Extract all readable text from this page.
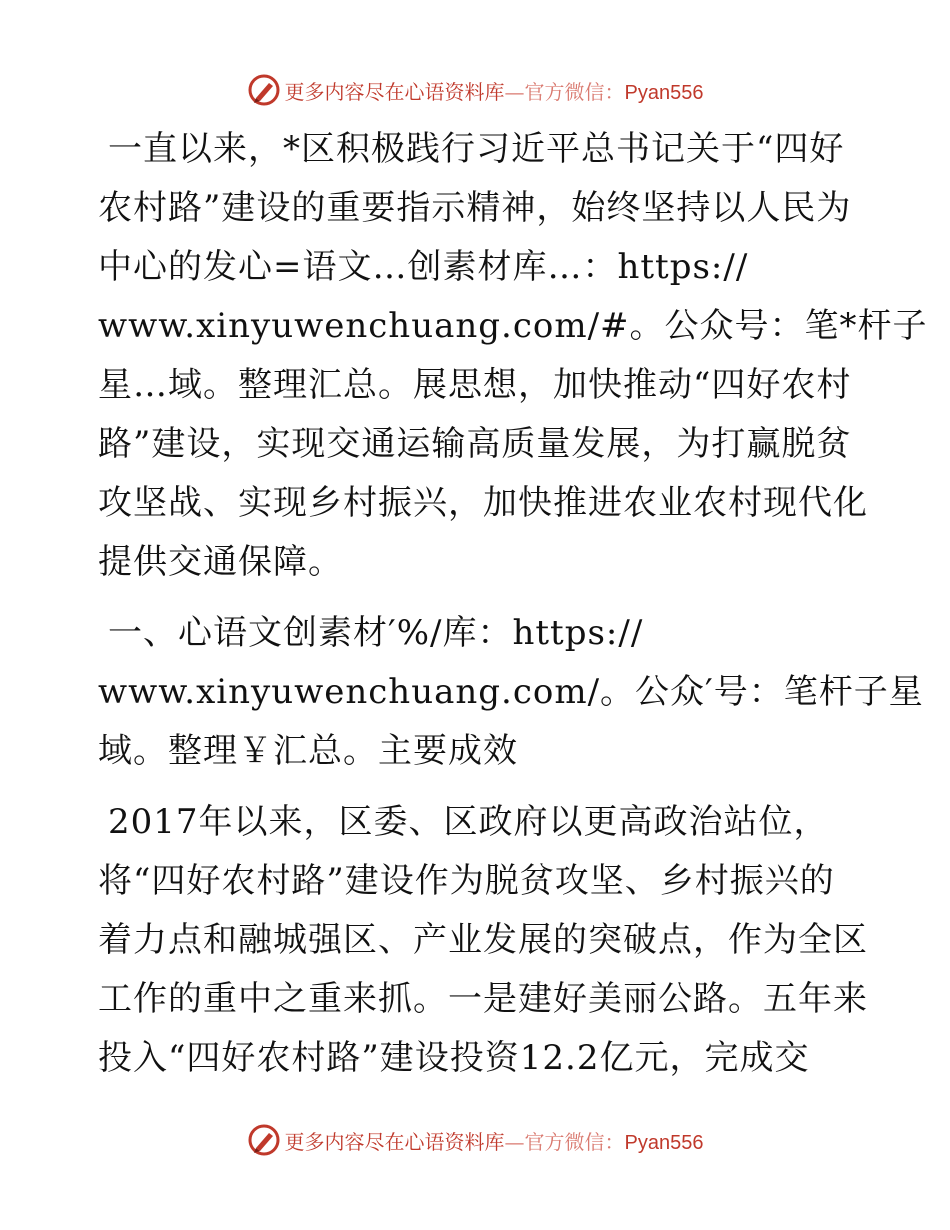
更多内容尽在心语资料库—官方微信：Pyan556
一直以来，*区积极践行习近平总书记关于“四好
农村路”建设的重要指示精神，始终坚持以人民为
中心的发心=语文…创素材库…：https://
www.xinyuwenchuang.com/#。公众号：笔*杆子
星…域。整理汇总。展思想，加快推动“四好农村
路”建设，实现交通运输高质量发展，为打赢脱贫
攻坚战、实现乡村振兴，加快推进农业农村现代化
提供交通保障。
一、心语文创素材′%/库：https://
www.xinyuwenchuang.com/。公众′号：笔杆子星
域。整理￥汇总。主要成效
2017年以来，区委、区政府以更高政治站位，
将“四好农村路”建设作为脱贫攻坚、乡村振兴的
着力点和融城强区、产业发展的突破点，作为全区
工作的重中之重来抓。一是建好美丽公路。五年来
投入“四好农村路”建设投资12.2亿元，完成交
更多内容尽在心语资料库—官方微信：Pyan556
